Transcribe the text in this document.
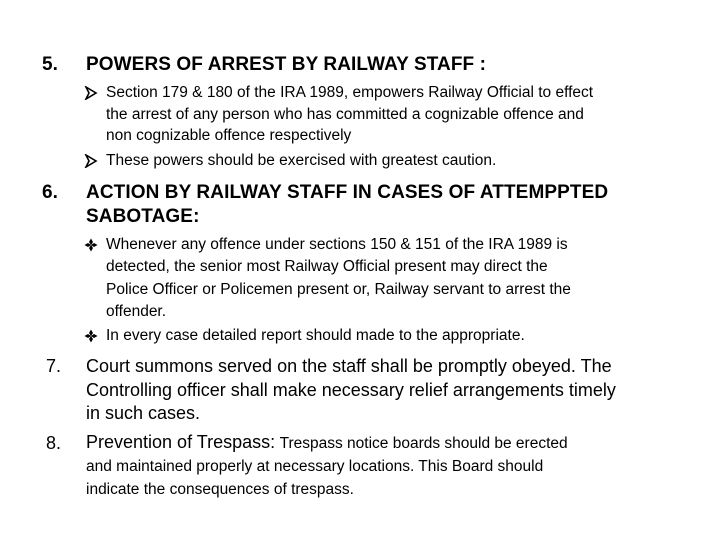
5. POWERS OF ARREST BY RAILWAY STAFF :
Section 179 & 180 of the IRA 1989, empowers Railway Official to effect
the arrest of any person who has committed a cognizable offence and
non cognizable offence respectively
These powers should be exercised with greatest caution.
6. ACTION BY RAILWAY STAFF IN CASES OF ATTEMPPTED
SABOTAGE:
Whenever any offence under sections 150 & 151 of the IRA 1989 is
detected, the senior most Railway Official present may direct the
Police Officer or Policemen present or, Railway servant to arrest the
offender.
In every case detailed report should made to the appropriate.
7. Court summons served on the staff shall be promptly obeyed. The
Controlling officer shall make necessary relief arrangements timely
in such cases.
8. Prevention of Trespass: Trespass notice boards should be erected
and maintained properly at necessary locations. This Board should
indicate the consequences of trespass.
